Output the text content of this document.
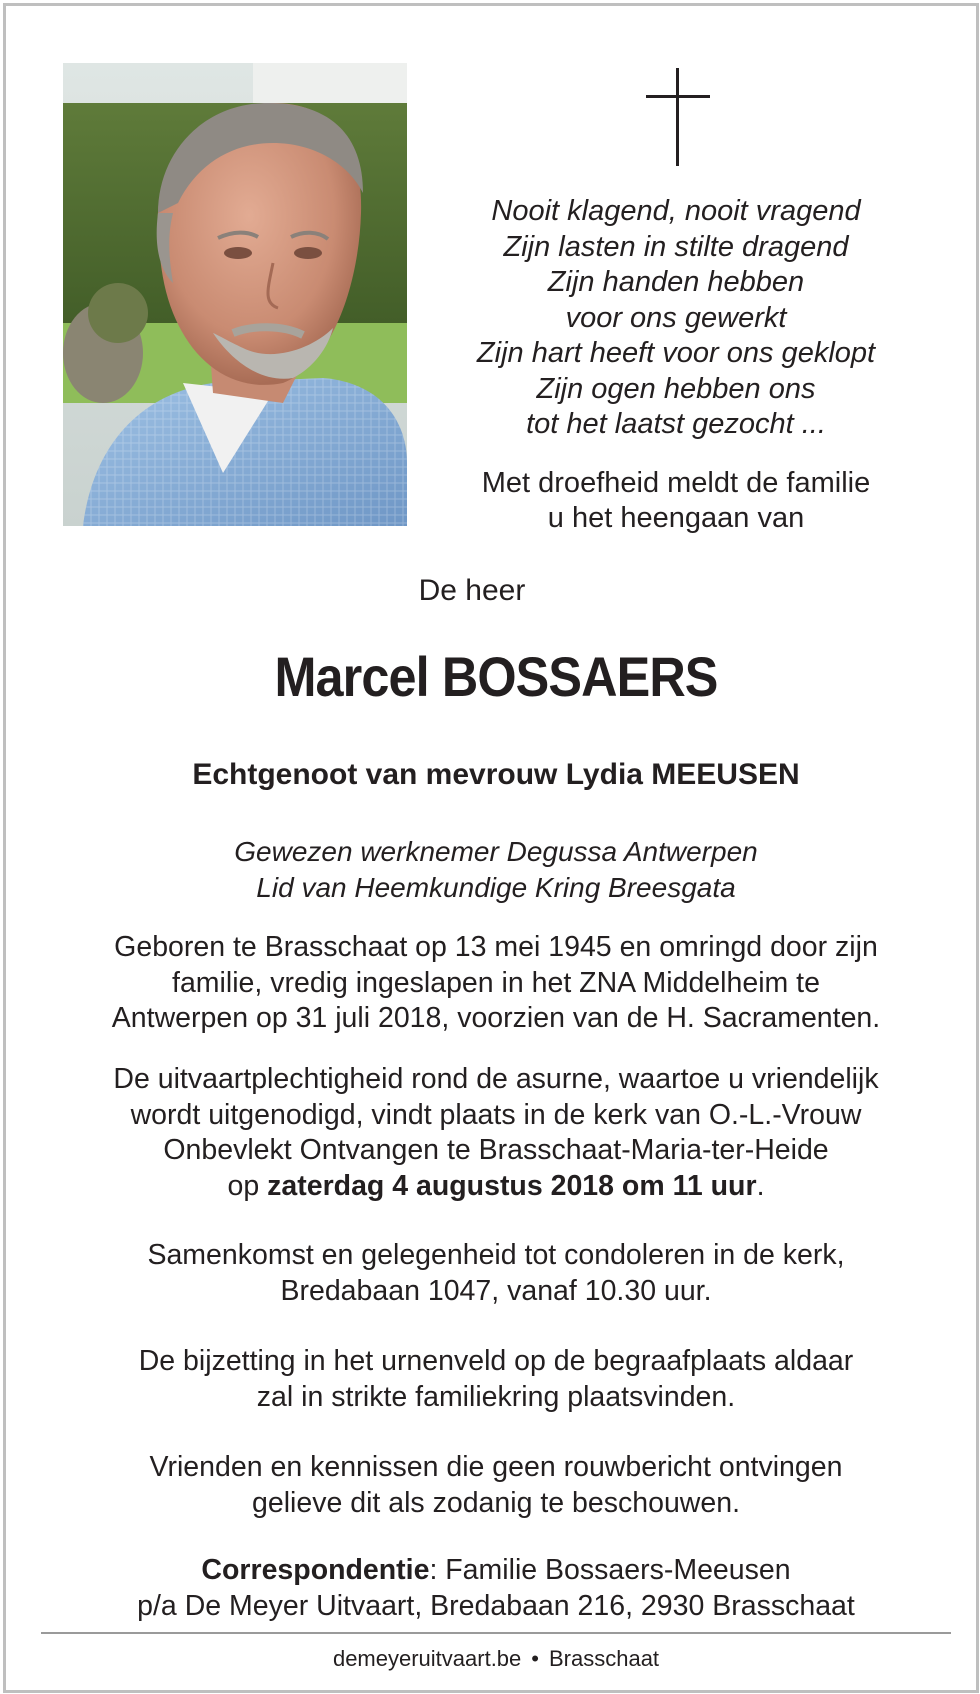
Nooit klagend, nooit vragend
Zijn lasten in stilte dragend
Zijn handen hebben
voor ons gewerkt
Zijn hart heeft voor ons geklopt
Zijn ogen hebben ons
tot het laatst gezocht ...
Met droefheid meldt de familie
u het heengaan van
De heer
Marcel BOSSAERS
Echtgenoot van mevrouw Lydia MEEUSEN
Gewezen werknemer Degussa Antwerpen
Lid van Heemkundige Kring Breesgata
Geboren te Brasschaat op 13 mei 1945 en omringd door zijn
familie, vredig ingeslapen in het ZNA Middelheim te
Antwerpen op 31 juli 2018, voorzien van de H. Sacramenten.
De uitvaartplechtigheid rond de asurne, waartoe u vriendelijk
wordt uitgenodigd, vindt plaats in de kerk van O.-L.-Vrouw
Onbevlekt Ontvangen te Brasschaat-Maria-ter-Heide
op zaterdag 4 augustus 2018 om 11 uur.
Samenkomst en gelegenheid tot condoleren in de kerk,
Bredabaan 1047, vanaf 10.30 uur.
De bijzetting in het urnenveld op de begraafplaats aldaar
zal in strikte familiekring plaatsvinden.
Vrienden en kennissen die geen rouwbericht ontvingen
gelieve dit als zodanig te beschouwen.
Correspondentie: Familie Bossaers-Meeusen
p/a De Meyer Uitvaart, Bredabaan 216, 2930 Brasschaat
demeyeruitvaart.be • Brasschaat
